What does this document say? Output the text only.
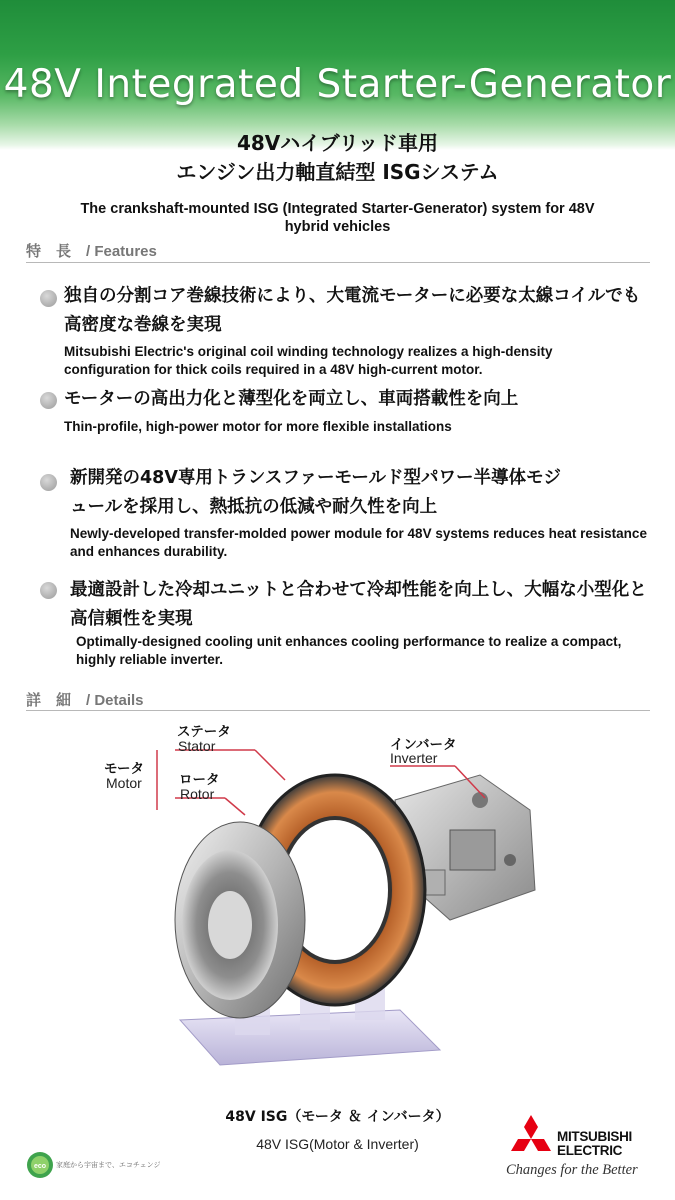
48V Integrated Starter-Generator
48Vハイブリッド車用
エンジン出力軸直結型 ISGシステム
The crankshaft-mounted ISG (Integrated Starter-Generator) system for 48V hybrid vehicles
特　長　/ Features
独自の分割コア巻線技術により、大電流モーターに必要な太線コイルでも高密度な巻線を実現
Mitsubishi Electric's original coil winding technology realizes a high-density configuration for thick coils required in a 48V high-current motor.
モーターの高出力化と薄型化を両立し、車両搭載性を向上
Thin-profile, high-power motor for more flexible installations
新開発の48V専用トランスファーモールド型パワー半導体モジュールを採用し、熱抵抗の低減や耐久性を向上
Newly-developed transfer-molded power module for 48V systems reduces heat resistance and enhances durability.
最適設計した冷却ユニットと合わせて冷却性能を向上し、大幅な小型化と高信頼性を実現
Optimally-designed cooling unit enhances cooling performance to realize a compact, highly reliable inverter.
詳　細　/ Details
モータ
Motor
ステータ
Stator
ロータ
Rotor
インバータ
Inverter
48V ISG（モータ ＆ インバータ）
48V ISG(Motor & Inverter)
eco 家庭から宇宙まで、エコチェンジ
MITSUBISHI
ELECTRIC
Changes for the Better
